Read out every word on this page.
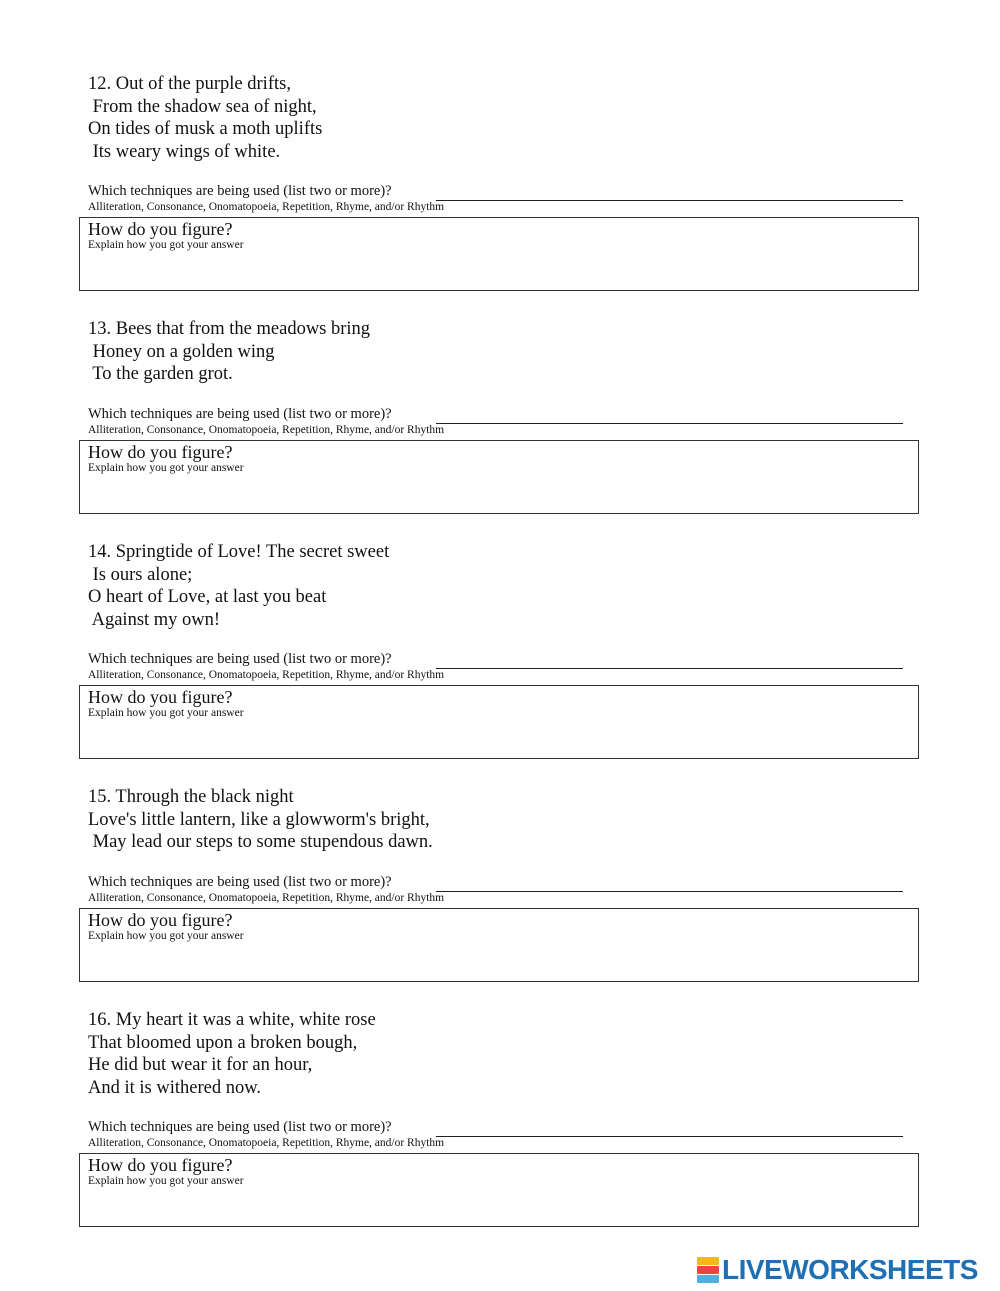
12. Out of the purple drifts,
From the shadow sea of night,
On tides of musk a moth uplifts
Its weary wings of white.
Which techniques are being used (list two or more)?
Alliteration, Consonance, Onomatopoeia, Repetition, Rhyme, and/or Rhythm
How do you figure?
Explain how you got your answer
13. Bees that from the meadows bring
Honey on a golden wing
To the garden grot.
Which techniques are being used (list two or more)?
Alliteration, Consonance, Onomatopoeia, Repetition, Rhyme, and/or Rhythm
How do you figure?
Explain how you got your answer
14. Springtide of Love! The secret sweet
Is ours alone;
O heart of Love, at last you beat
Against my own!
Which techniques are being used (list two or more)?
Alliteration, Consonance, Onomatopoeia, Repetition, Rhyme, and/or Rhythm
How do you figure?
Explain how you got your answer
15. Through the black night
Love's little lantern, like a glowworm's bright,
May lead our steps to some stupendous dawn.
Which techniques are being used (list two or more)?
Alliteration, Consonance, Onomatopoeia, Repetition, Rhyme, and/or Rhythm
How do you figure?
Explain how you got your answer
16. My heart it was a white, white rose
That bloomed upon a broken bough,
He did but wear it for an hour,
And it is withered now.
Which techniques are being used (list two or more)?
Alliteration, Consonance, Onomatopoeia, Repetition, Rhyme, and/or Rhythm
How do you figure?
Explain how you got your answer
LIVEWORKSHEETS
